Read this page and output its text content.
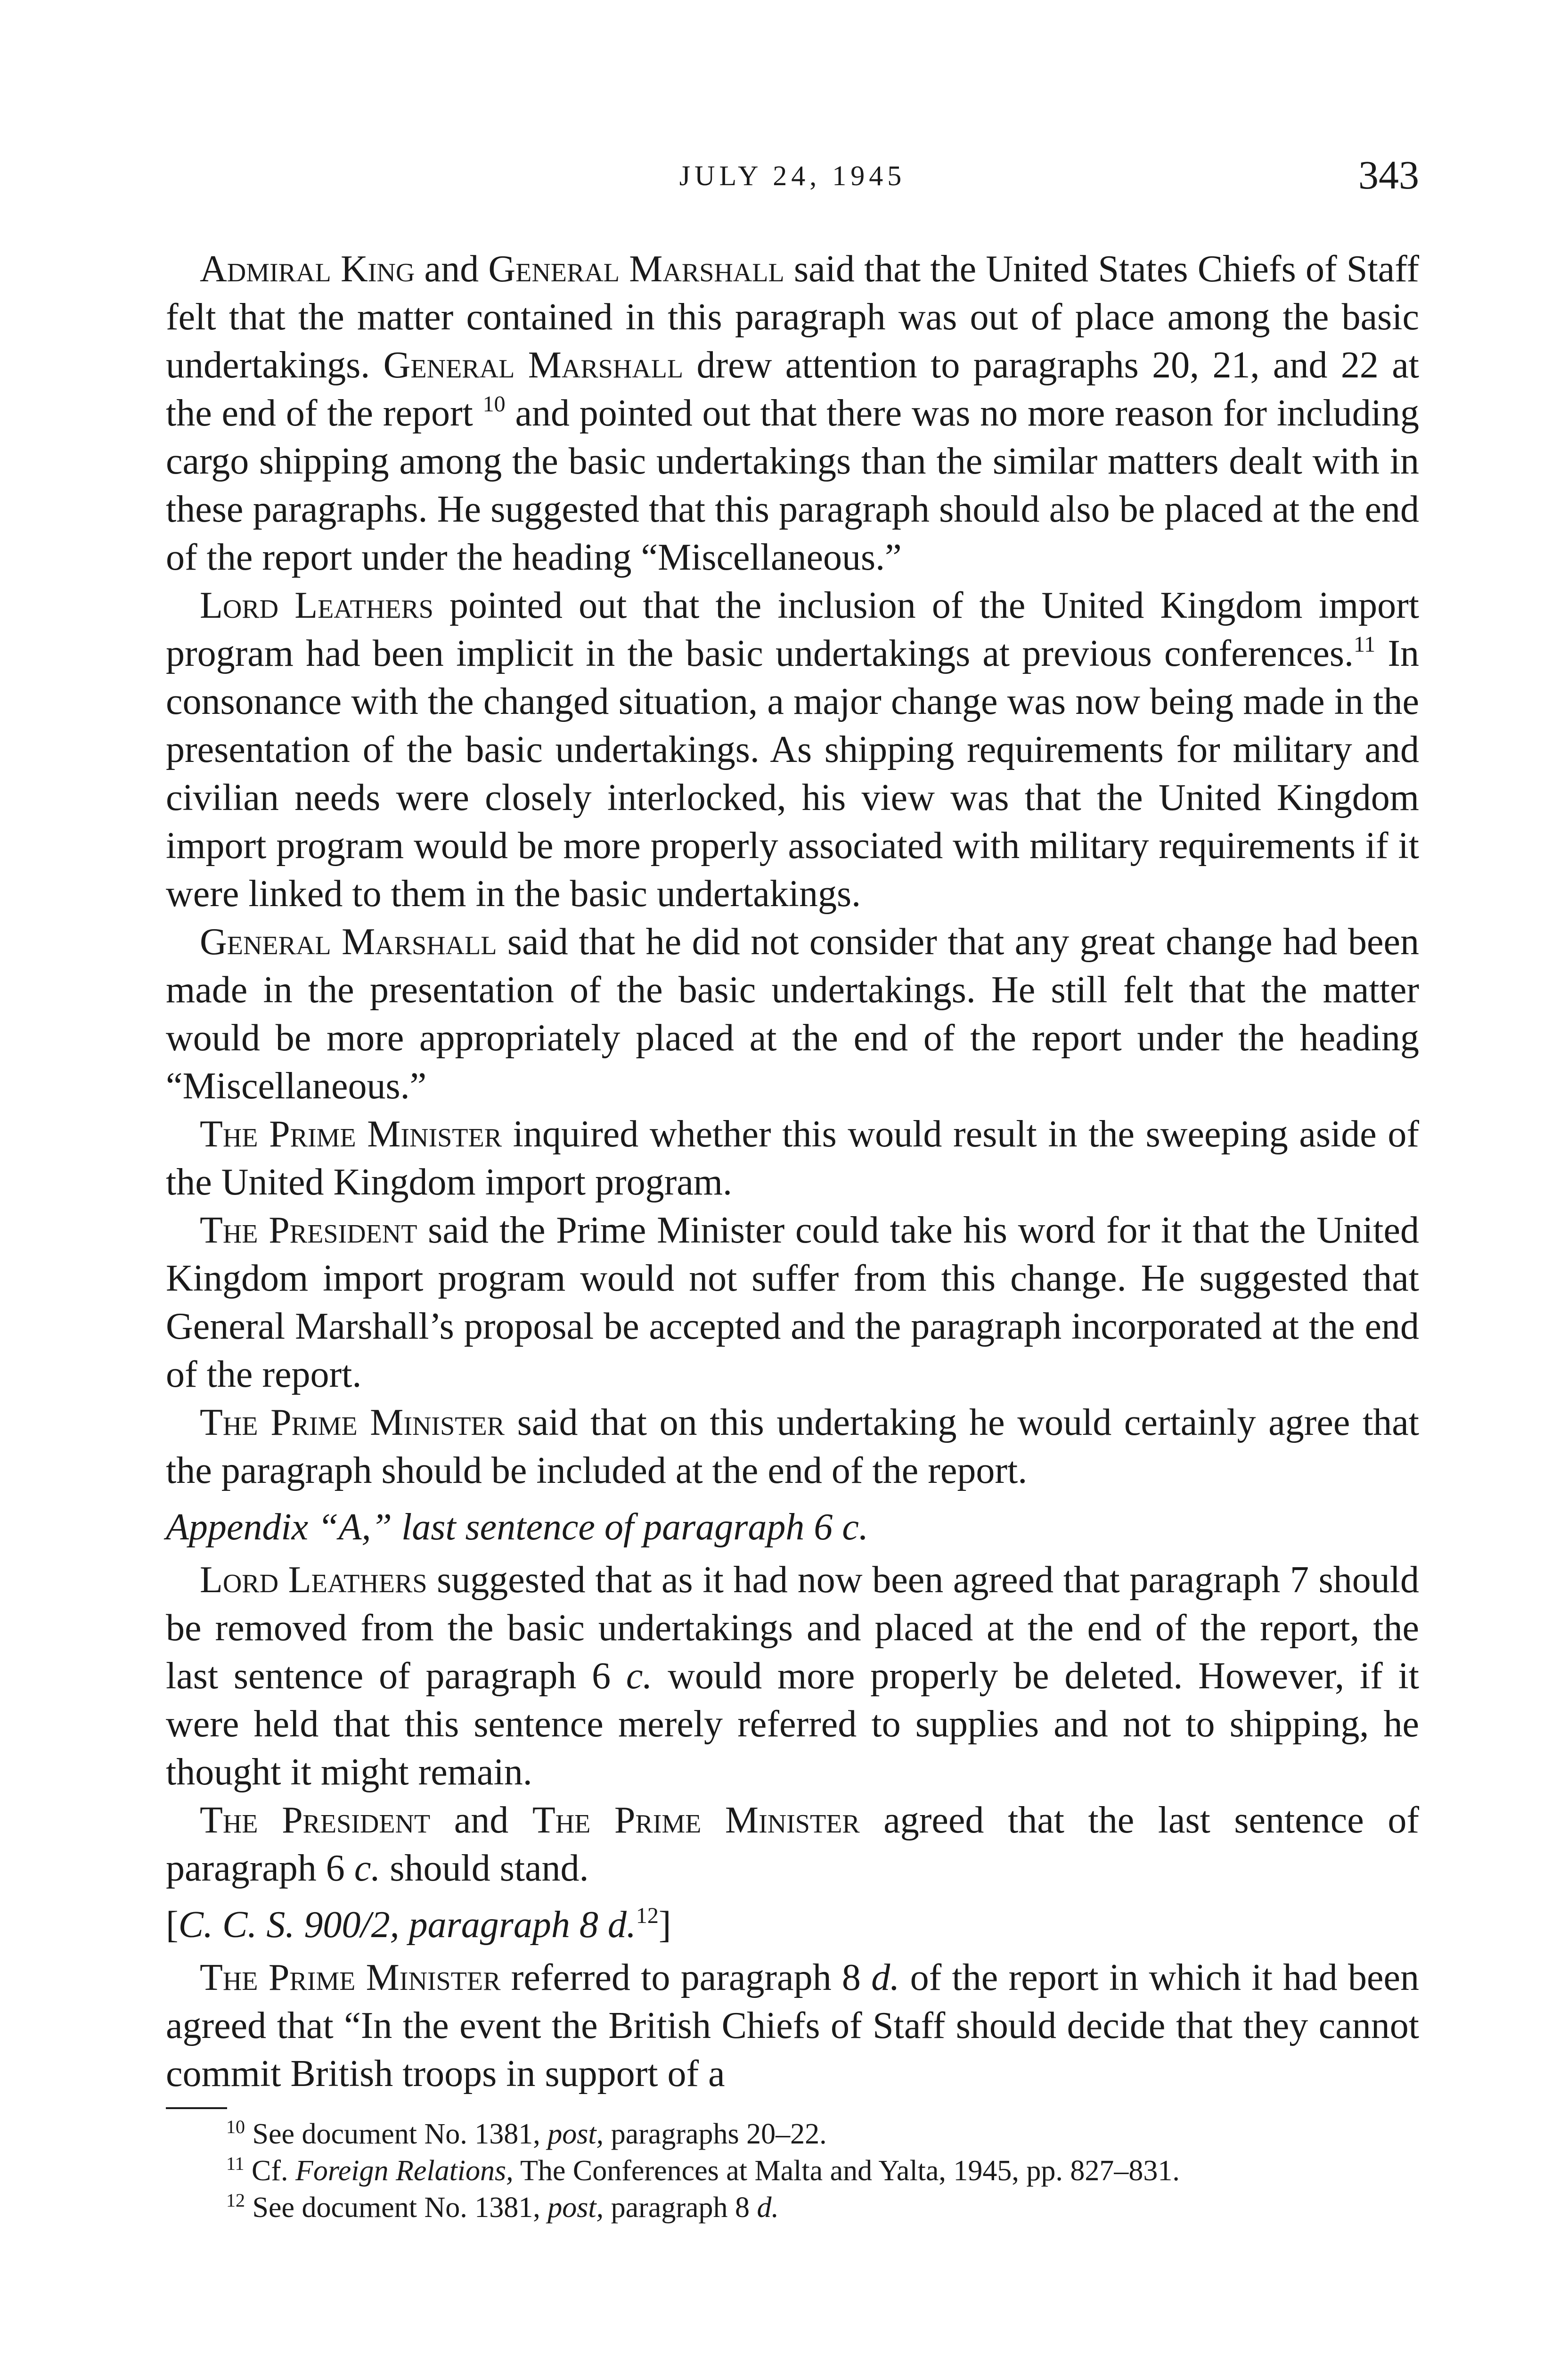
JULY 24, 1945	343

Admiral King and General Marshall said that the United States Chiefs of Staff felt that the matter contained in this paragraph was out of place among the basic undertakings. General Marshall drew attention to paragraphs 20, 21, and 22 at the end of the report $^{10}$ and pointed out that there was no more reason for including cargo shipping among the basic undertakings than the similar matters dealt with in these paragraphs. He suggested that this paragraph should also be placed at the end of the report under the heading “Miscellaneous.”

Lord Leathers pointed out that the inclusion of the United Kingdom import program had been implicit in the basic undertakings at previous conferences.$^{11}$ In consonance with the changed situation, a major change was now being made in the presentation of the basic undertakings. As shipping requirements for military and civilian needs were closely interlocked, his view was that the United Kingdom import program would be more properly associated with military requirements if it were linked to them in the basic undertakings.

General Marshall said that he did not consider that any great change had been made in the presentation of the basic undertakings. He still felt that the matter would be more appropriately placed at the end of the report under the heading “Miscellaneous.”

The Prime Minister inquired whether this would result in the sweeping aside of the United Kingdom import program.

The President said the Prime Minister could take his word for it that the United Kingdom import program would not suffer from this change. He suggested that General Marshall’s proposal be accepted and the paragraph incorporated at the end of the report.

The Prime Minister said that on this undertaking he would certainly agree that the paragraph should be included at the end of the report.

Appendix “A,” last sentence of paragraph 6 c.

Lord Leathers suggested that as it had now been agreed that paragraph 7 should be removed from the basic undertakings and placed at the end of the report, the last sentence of paragraph 6 c. would more properly be deleted. However, if it were held that this sentence merely referred to supplies and not to shipping, he thought it might remain.

The President and The Prime Minister agreed that the last sentence of paragraph 6 c. should stand.

[C. C. S. 900/2, paragraph 8 d.$^{12}$]

The Prime Minister referred to paragraph 8 d. of the report in which it had been agreed that “In the event the British Chiefs of Staff should decide that they cannot commit British troops in support of a

$^{10}$ See document No. 1381, post, paragraphs 20–22.

$^{11}$ Cf. Foreign Relations, The Conferences at Malta and Yalta, 1945, pp. 827–831.

$^{12}$ See document No. 1381, post, paragraph 8 d.
